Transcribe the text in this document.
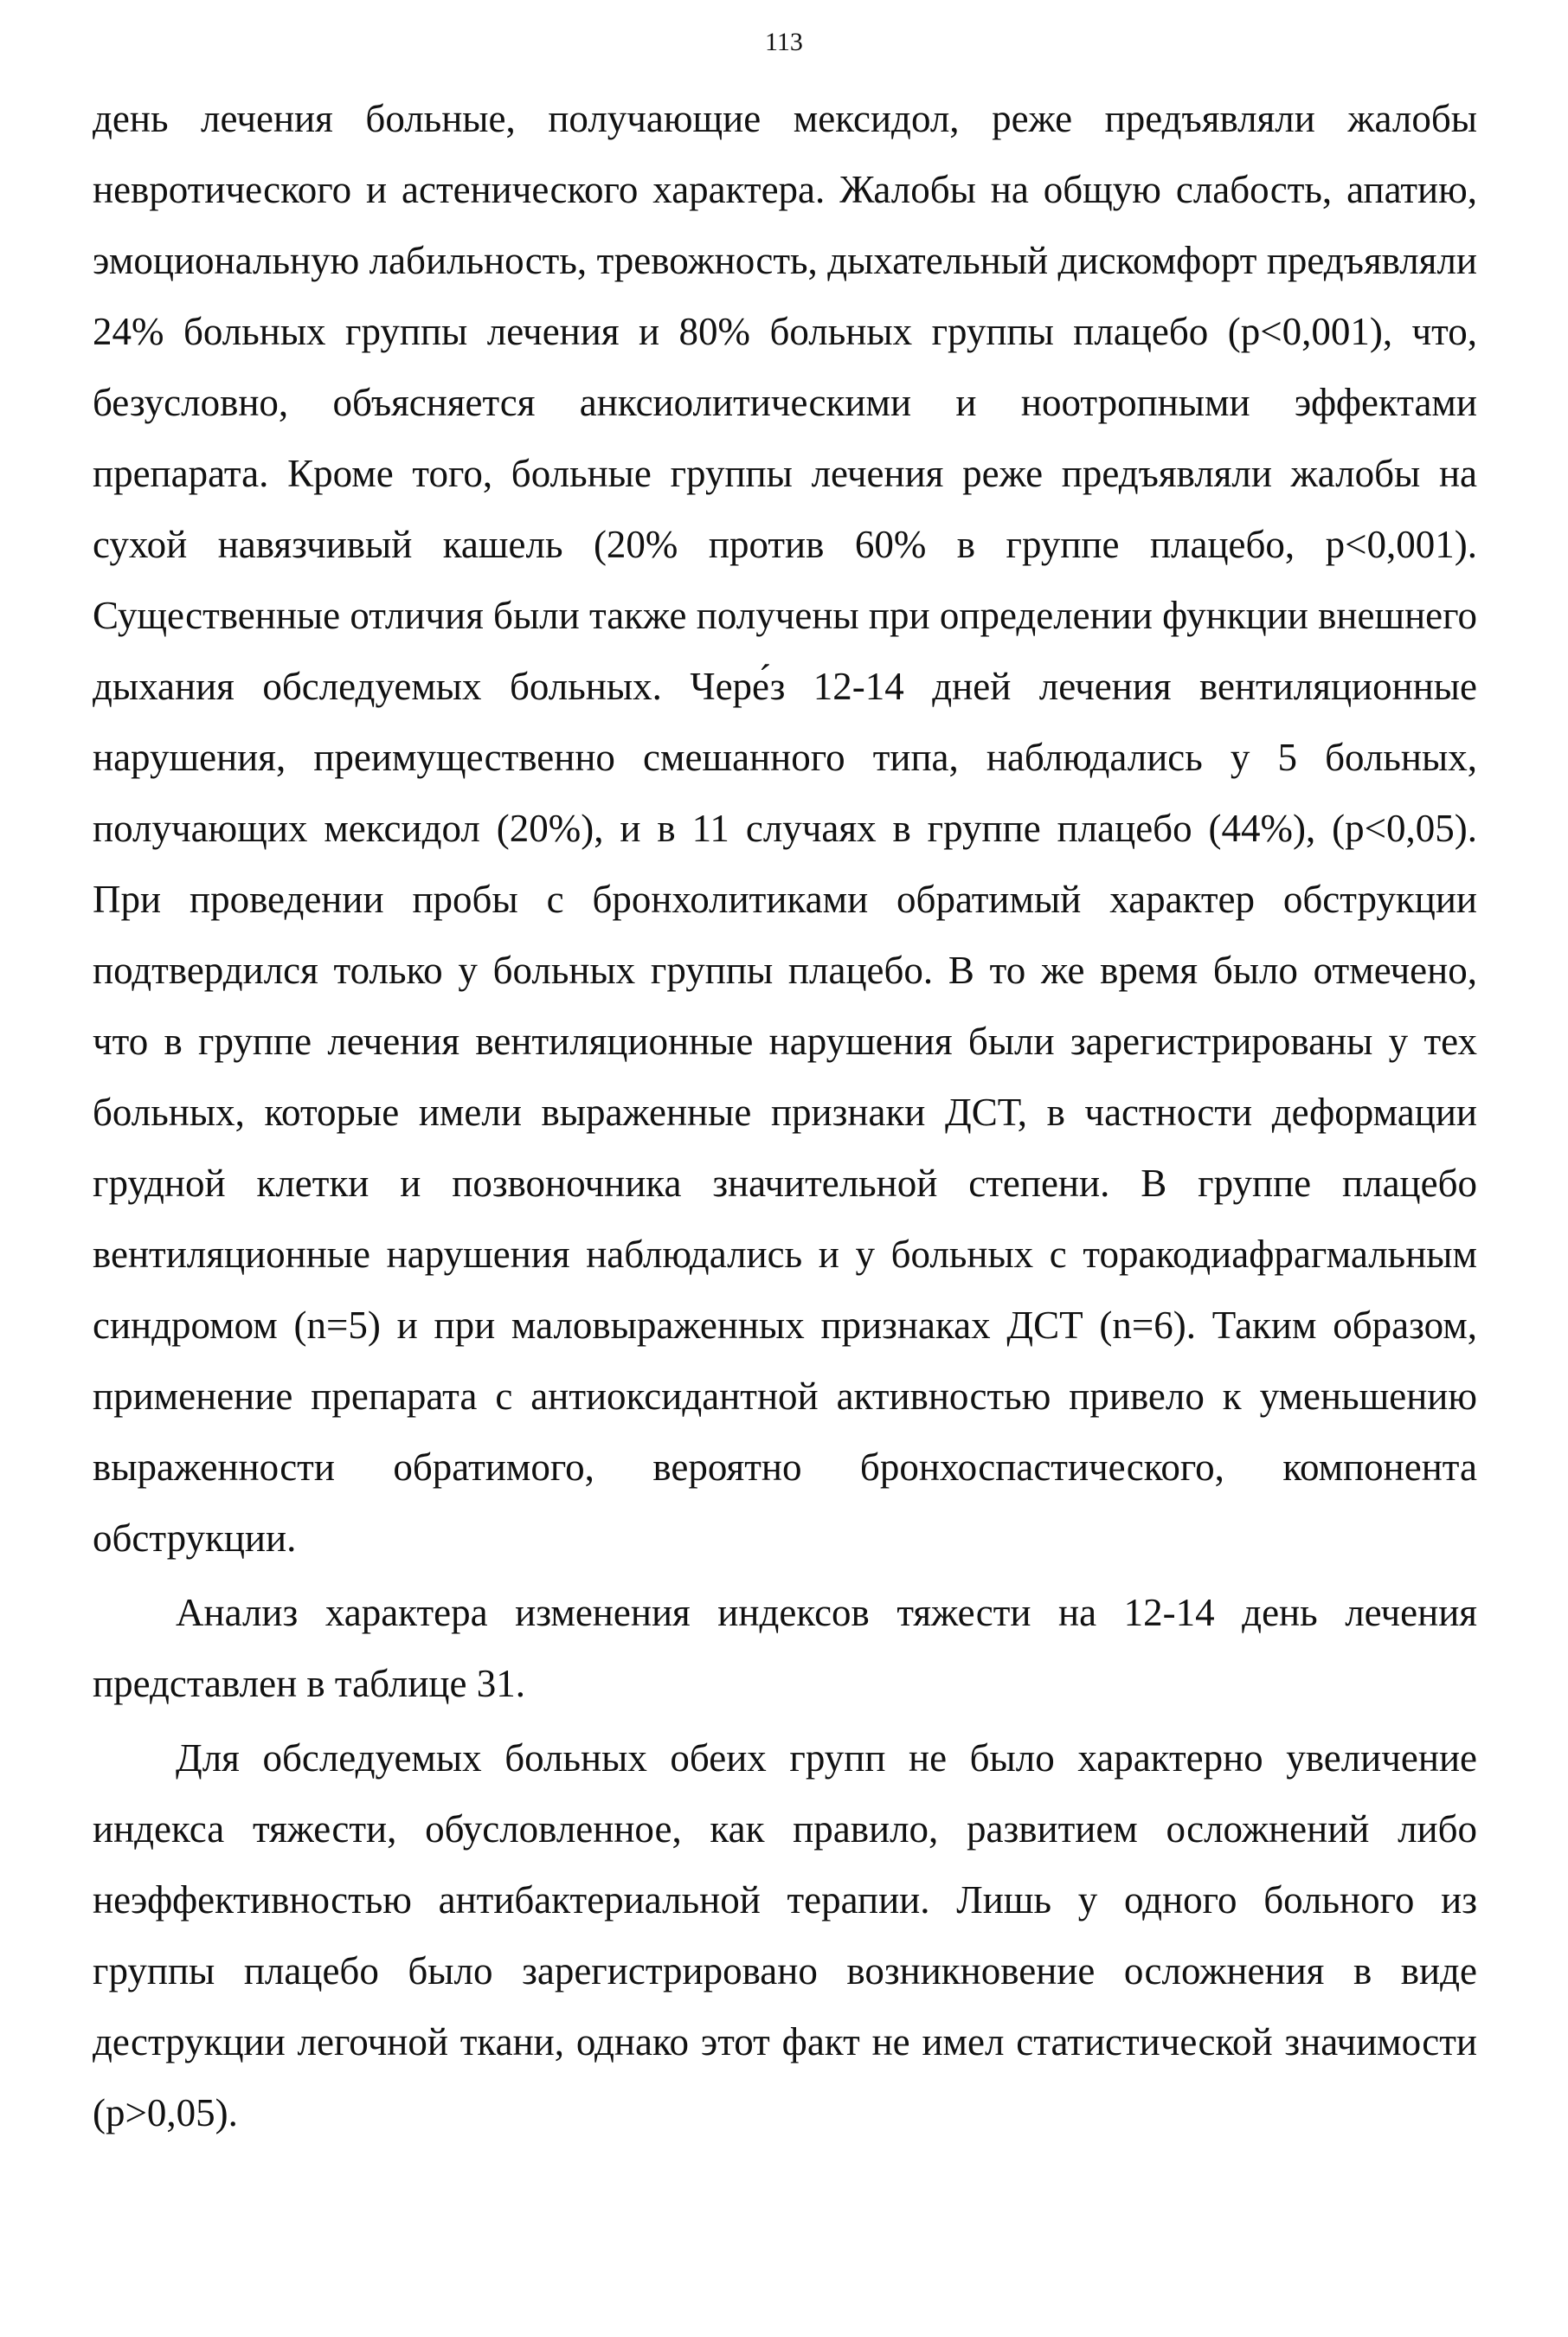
113

день лечения больные, получающие мексидол, реже предъявляли жалобы невротического и астенического характера. Жалобы на общую слабость, апатию, эмоциональную лабильность, тревожность, дыхательный дискомфорт предъявляли 24% больных группы лечения и 80% больных группы плацебо (р<0,001), что, безусловно, объясняется анксиолитическими и ноотропными эффектами препарата. Кроме того, больные группы лечения реже предъявляли жалобы на сухой навязчивый кашель (20% против 60% в группе плацебо, р<0,001). Существенные отличия были также получены при определении функции внешнего дыхания обследуемых больных. Чере́з 12-14 дней лечения вентиляционные нарушения, преимущественно смешанного типа, наблюдались у 5 больных, получающих мексидол (20%), и в 11 случаях в группе плацебо (44%), (р<0,05). При проведении пробы с бронхолитиками обратимый характер обструкции подтвердился только у больных группы плацебо. В то же время было отмечено, что в группе лечения вентиляционные нарушения были зарегистрированы у тех больных, которые имели выраженные признаки ДСТ, в частности деформации грудной клетки и позвоночника значительной степени. В группе плацебо вентиляционные нарушения наблюдались и у больных с торакодиафрагмальным синдромом (n=5) и при маловыраженных признаках ДСТ (n=6). Таким образом, применение препарата с антиоксидантной активностью привело к уменьшению выраженности обратимого, вероятно бронхоспастического, компонента обструкции.

Анализ характера изменения индексов тяжести на 12-14 день лечения представлен в таблице 31.

Для обследуемых больных обеих групп не было характерно увеличение индекса тяжести, обусловленное, как правило, развитием осложнений либо неэффективностью антибактериальной терапии. Лишь у одного больного из группы плацебо было зарегистрировано возникновение осложнения в виде деструкции легочной ткани, однако этот факт не имел статистической значимости (р>0,05).
